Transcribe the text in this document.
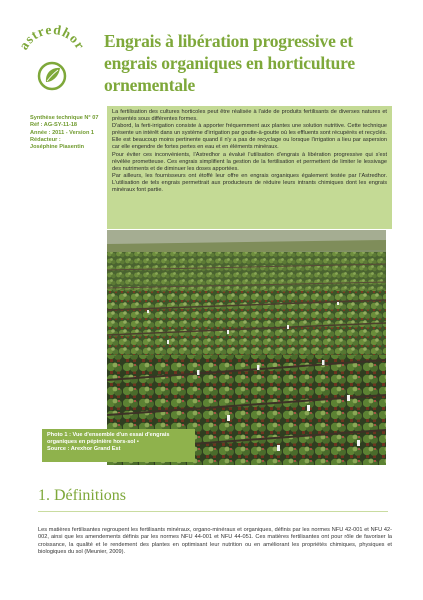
astredhor Engrais à libération progressive et engrais organiques en horticulture ornementale
Synthèse technique N° 07
Réf : AG-SY-11-18
Année : 2011 - Version 1
Rédacteur :
Joséphine Piasentin

La fertilisation des cultures horticoles peut être réalisée à l'aide de produits fertilisants de diverses natures et présentés sous différentes formes.

D'abord, la ferti-irrigation consiste à apporter fréquemment aux plantes une solution nutritive. Cette technique présente un intérêt dans un système d'irrigation par goutte-à-goutte où les effluents sont récupérés et recyclés. Elle est beaucoup moins pertinente quand il n'y a pas de recyclage ou lorsque l'irrigation a lieu par aspersion car elle engendre de fortes pertes en eau et en éléments minéraux.

Pour éviter ces inconvénients, l'Astredhor a évalué l'utilisation d'engrais à libération progressive qui s'est révélée prometteuse. Ces engrais simplifient la gestion de la fertilisation et permettent de limiter le lessivage des nutriments et de diminuer les doses apportées.

Par ailleurs, les fournisseurs ont étoffé leur offre en engrais organiques également testée par l'Astredhor. L'utilisation de tels engrais permettrait aux producteurs de réduire leurs intrants chimiques dont les engrais minéraux font partie.

Photo 1 : Vue d'ensemble d'un essai d'engrais
organiques en pépinière hors-sol •
Source : Arexhor Grand Est
1. Définitions
Les matières fertilisantes regroupent les fertilisants minéraux, organo-minéraux et organiques, définis par les normes NFU 42-001 et NFU 42-002, ainsi que les amendements définis par les normes NFU 44-001 et NFU 44-051. Ces matières fertilisantes ont pour rôle de favoriser la croissance, la qualité et le rendement des plantes en optimisant leur nutrition ou en améliorant les propriétés chimiques, physiques et biologiques du sol (Meunier, 2009).
